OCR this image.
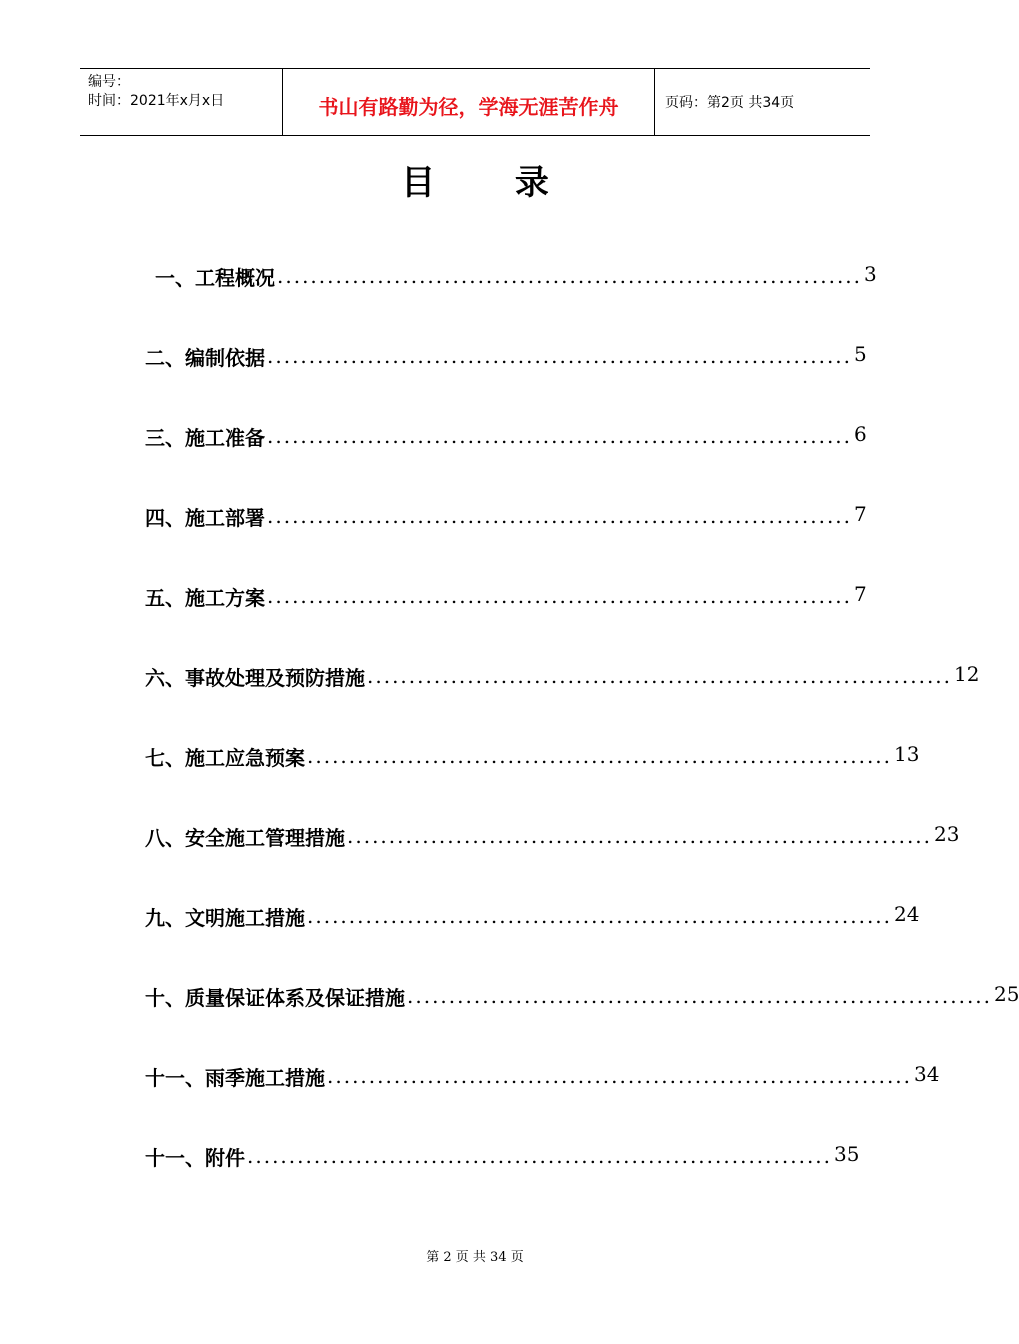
编号：
时间：2021年x月x日	书山有路勤为径，学海无涯苦作舟	页码：第2页 共34页
目 录
一、工程概况 ...................................................................... 3
二、编制依据 ...................................................................... 5
三、施工准备 ...................................................................... 6
四、施工部署 ...................................................................... 7
五、施工方案 ...................................................................... 7
六、事故处理及预防措施 ...................................................................... 12
七、施工应急预案 ...................................................................... 13
八、安全施工管理措施 ...................................................................... 23
九、文明施工措施 ...................................................................... 24
十、质量保证体系及保证措施 ...................................................................... 25
十一、雨季施工措施 ...................................................................... 34
十一、附件 ...................................................................... 35
第 2 页 共 34 页
